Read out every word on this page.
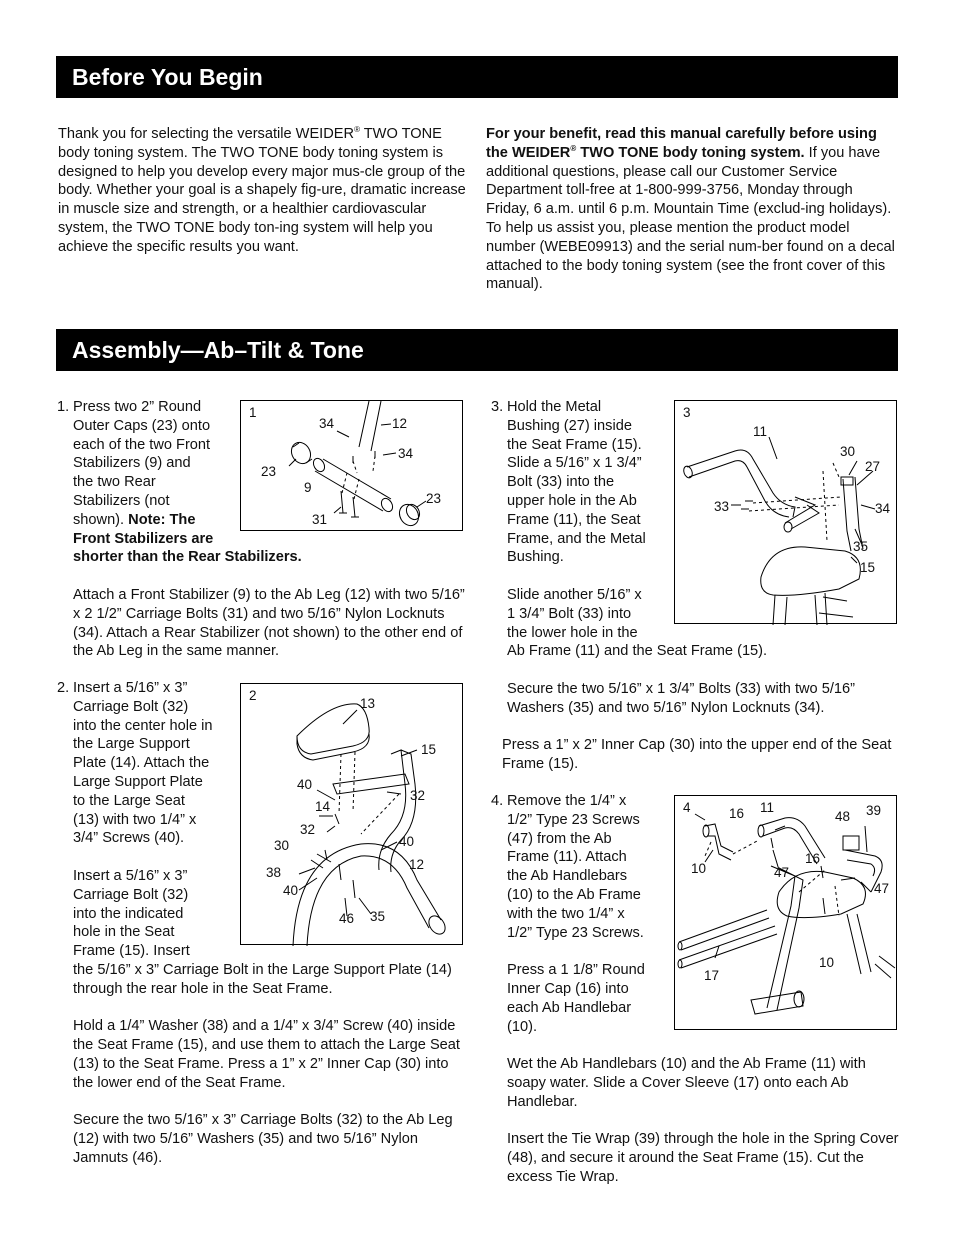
Before You Begin
Thank you for selecting the versatile WEIDER® TWO TONE body toning system. The TWO TONE body toning system is designed to help you develop every major mus-cle group of the body. Whether your goal is a shapely fig-ure, dramatic increase in muscle size and strength, or a healthier cardiovascular system, the TWO TONE body ton-ing system will help you achieve the specific results you want.
For your benefit, read this manual carefully before using the WEIDER® TWO TONE body toning system. If you have additional questions, please call our Customer Service Department toll-free at 1-800-999-3756, Monday through Friday, 6 a.m. until 6 p.m. Mountain Time (exclud-ing holidays). To help us assist you, please mention the product model number (WEBE09913) and the serial num-ber found on a decal attached to the body toning system (see the front cover of this manual).
Assembly—Ab–Tilt & Tone
1. Press two 2” Round
Outer Caps (23) onto
each of the two Front
Stabilizers (9) and
the two Rear
Stabilizers (not
shown). Note: The
Front Stabilizers are
shorter than the Rear Stabilizers.
Attach a Front Stabilizer (9) to the Ab Leg (12) with two 5/16” x 2 1/2” Carriage Bolts (31) and two 5/16” Nylon Locknuts (34). Attach a Rear Stabilizer (not shown) to the other end of the Ab Leg in the same manner.
1
34	12
34
23
9
23
31
2. Insert a 5/16” x 3”
Carriage Bolt (32)
into the center hole in
the Large Support
Plate (14). Attach the
Large Support Plate
to the Large Seat
(13) with two 1/4” x
3/4” Screws (40).
Insert a 5/16” x 3”
Carriage Bolt (32)
into the indicated
hole in the Seat
Frame (15). Insert
the 5/16” x 3” Carriage Bolt in the Large Support Plate (14) through the rear hole in the Seat Frame.
Hold a 1/4” Washer (38) and a 1/4” x 3/4” Screw (40) inside the Seat Frame (15), and use them to attach the Large Seat (13) to the Seat Frame. Press a 1” x 2” Inner Cap (30) into the lower end of the Seat Frame.
Secure the two 5/16” x 3” Carriage Bolts (32) to the Ab Leg (12) with two 5/16” Washers (35) and two 5/16” Nylon Jamnuts (46).
2
13
15
40
14
32
32
40
30
12
38
40
46 35
3. Hold the Metal
Bushing (27) inside
the Seat Frame (15).
Slide a 5/16” x 1 3/4”
Bolt (33) into the
upper hole in the Ab
Frame (11), the Seat
Frame, and the Metal
Bushing.
Slide another 5/16” x
1 3/4” Bolt (33) into
the lower hole in the
Ab Frame (11) and the Seat Frame (15).
Secure the two 5/16” x 1 3/4” Bolts (33) with two 5/16” Washers (35) and two 5/16” Nylon Locknuts (34).
Press a 1” x 2” Inner Cap (30) into the upper end of the Seat Frame (15).
3
11
30
27
33	34
35
15
4. Remove the 1/4” x
1/2” Type 23 Screws
(47) from the Ab
Frame (11). Attach
the Ab Handlebars
(10) to the Ab Frame
with the two 1/4” x
1/2” Type 23 Screws.
Press a 1 1/8” Round
Inner Cap (16) into
each Ab Handlebar
(10).
Wet the Ab Handlebars (10) and the Ab Frame (11) with soapy water. Slide a Cover Sleeve (17) onto each Ab Handlebar.
Insert the Tie Wrap (39) through the hole in the Spring Cover (48), and secure it around the Seat Frame (15). Cut the excess Tie Wrap.
4	16 11
48 39
16
10	47
47
10
17
